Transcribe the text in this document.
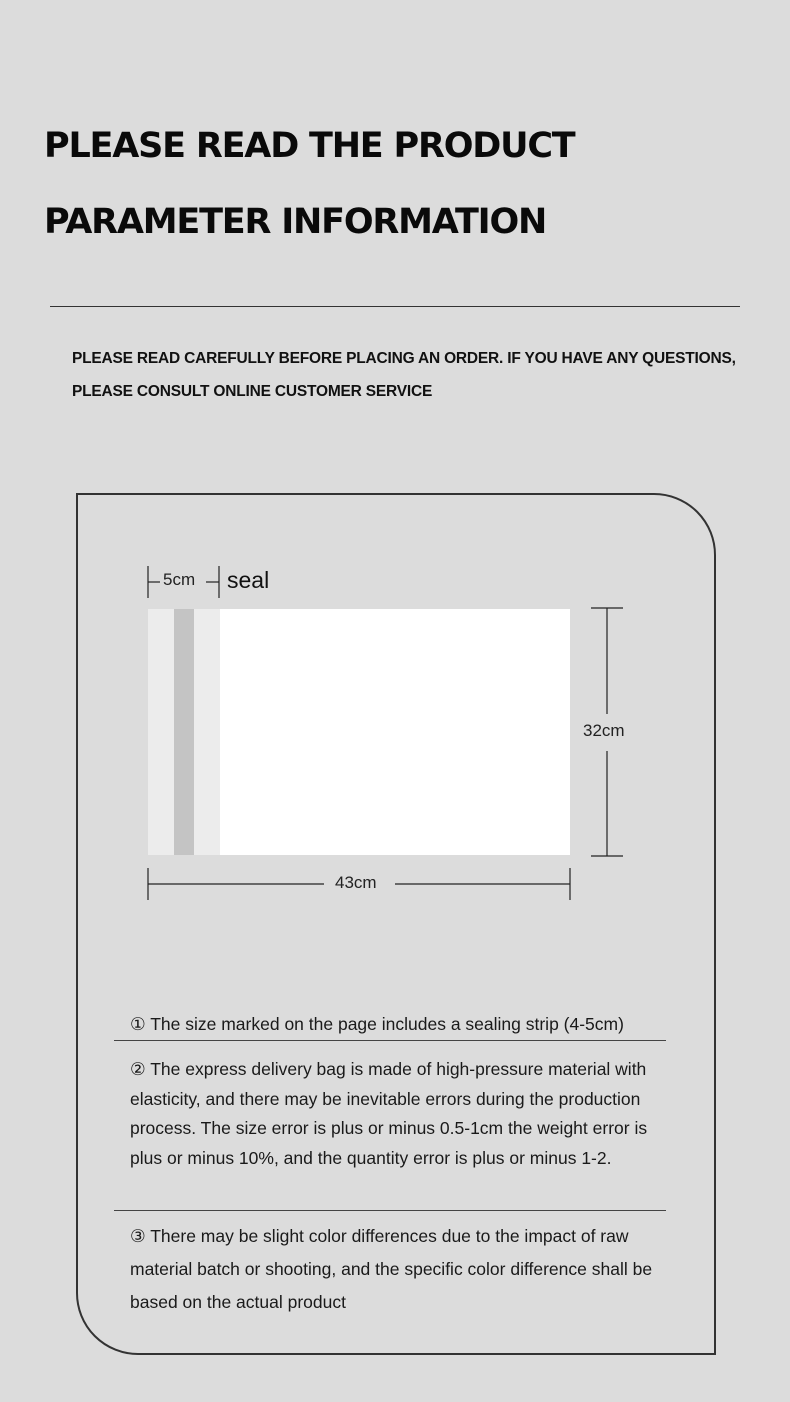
PLEASE READ THE PRODUCT PARAMETER INFORMATION

PLEASE READ CAREFULLY BEFORE PLACING AN ORDER. IF YOU HAVE ANY QUESTIONS, PLEASE CONSULT ONLINE CUSTOMER SERVICE

5cm seal
32cm
43cm

① The size marked on the page includes a sealing strip (4-5cm)

② The express delivery bag is made of high-pressure material with elasticity, and there may be inevitable errors during the production process. The size error is plus or minus 0.5-1cm the weight error is plus or minus 10%, and the quantity error is plus or minus 1-2.

③ There may be slight color differences due to the impact of raw material batch or shooting, and the specific color difference shall be based on the actual product
